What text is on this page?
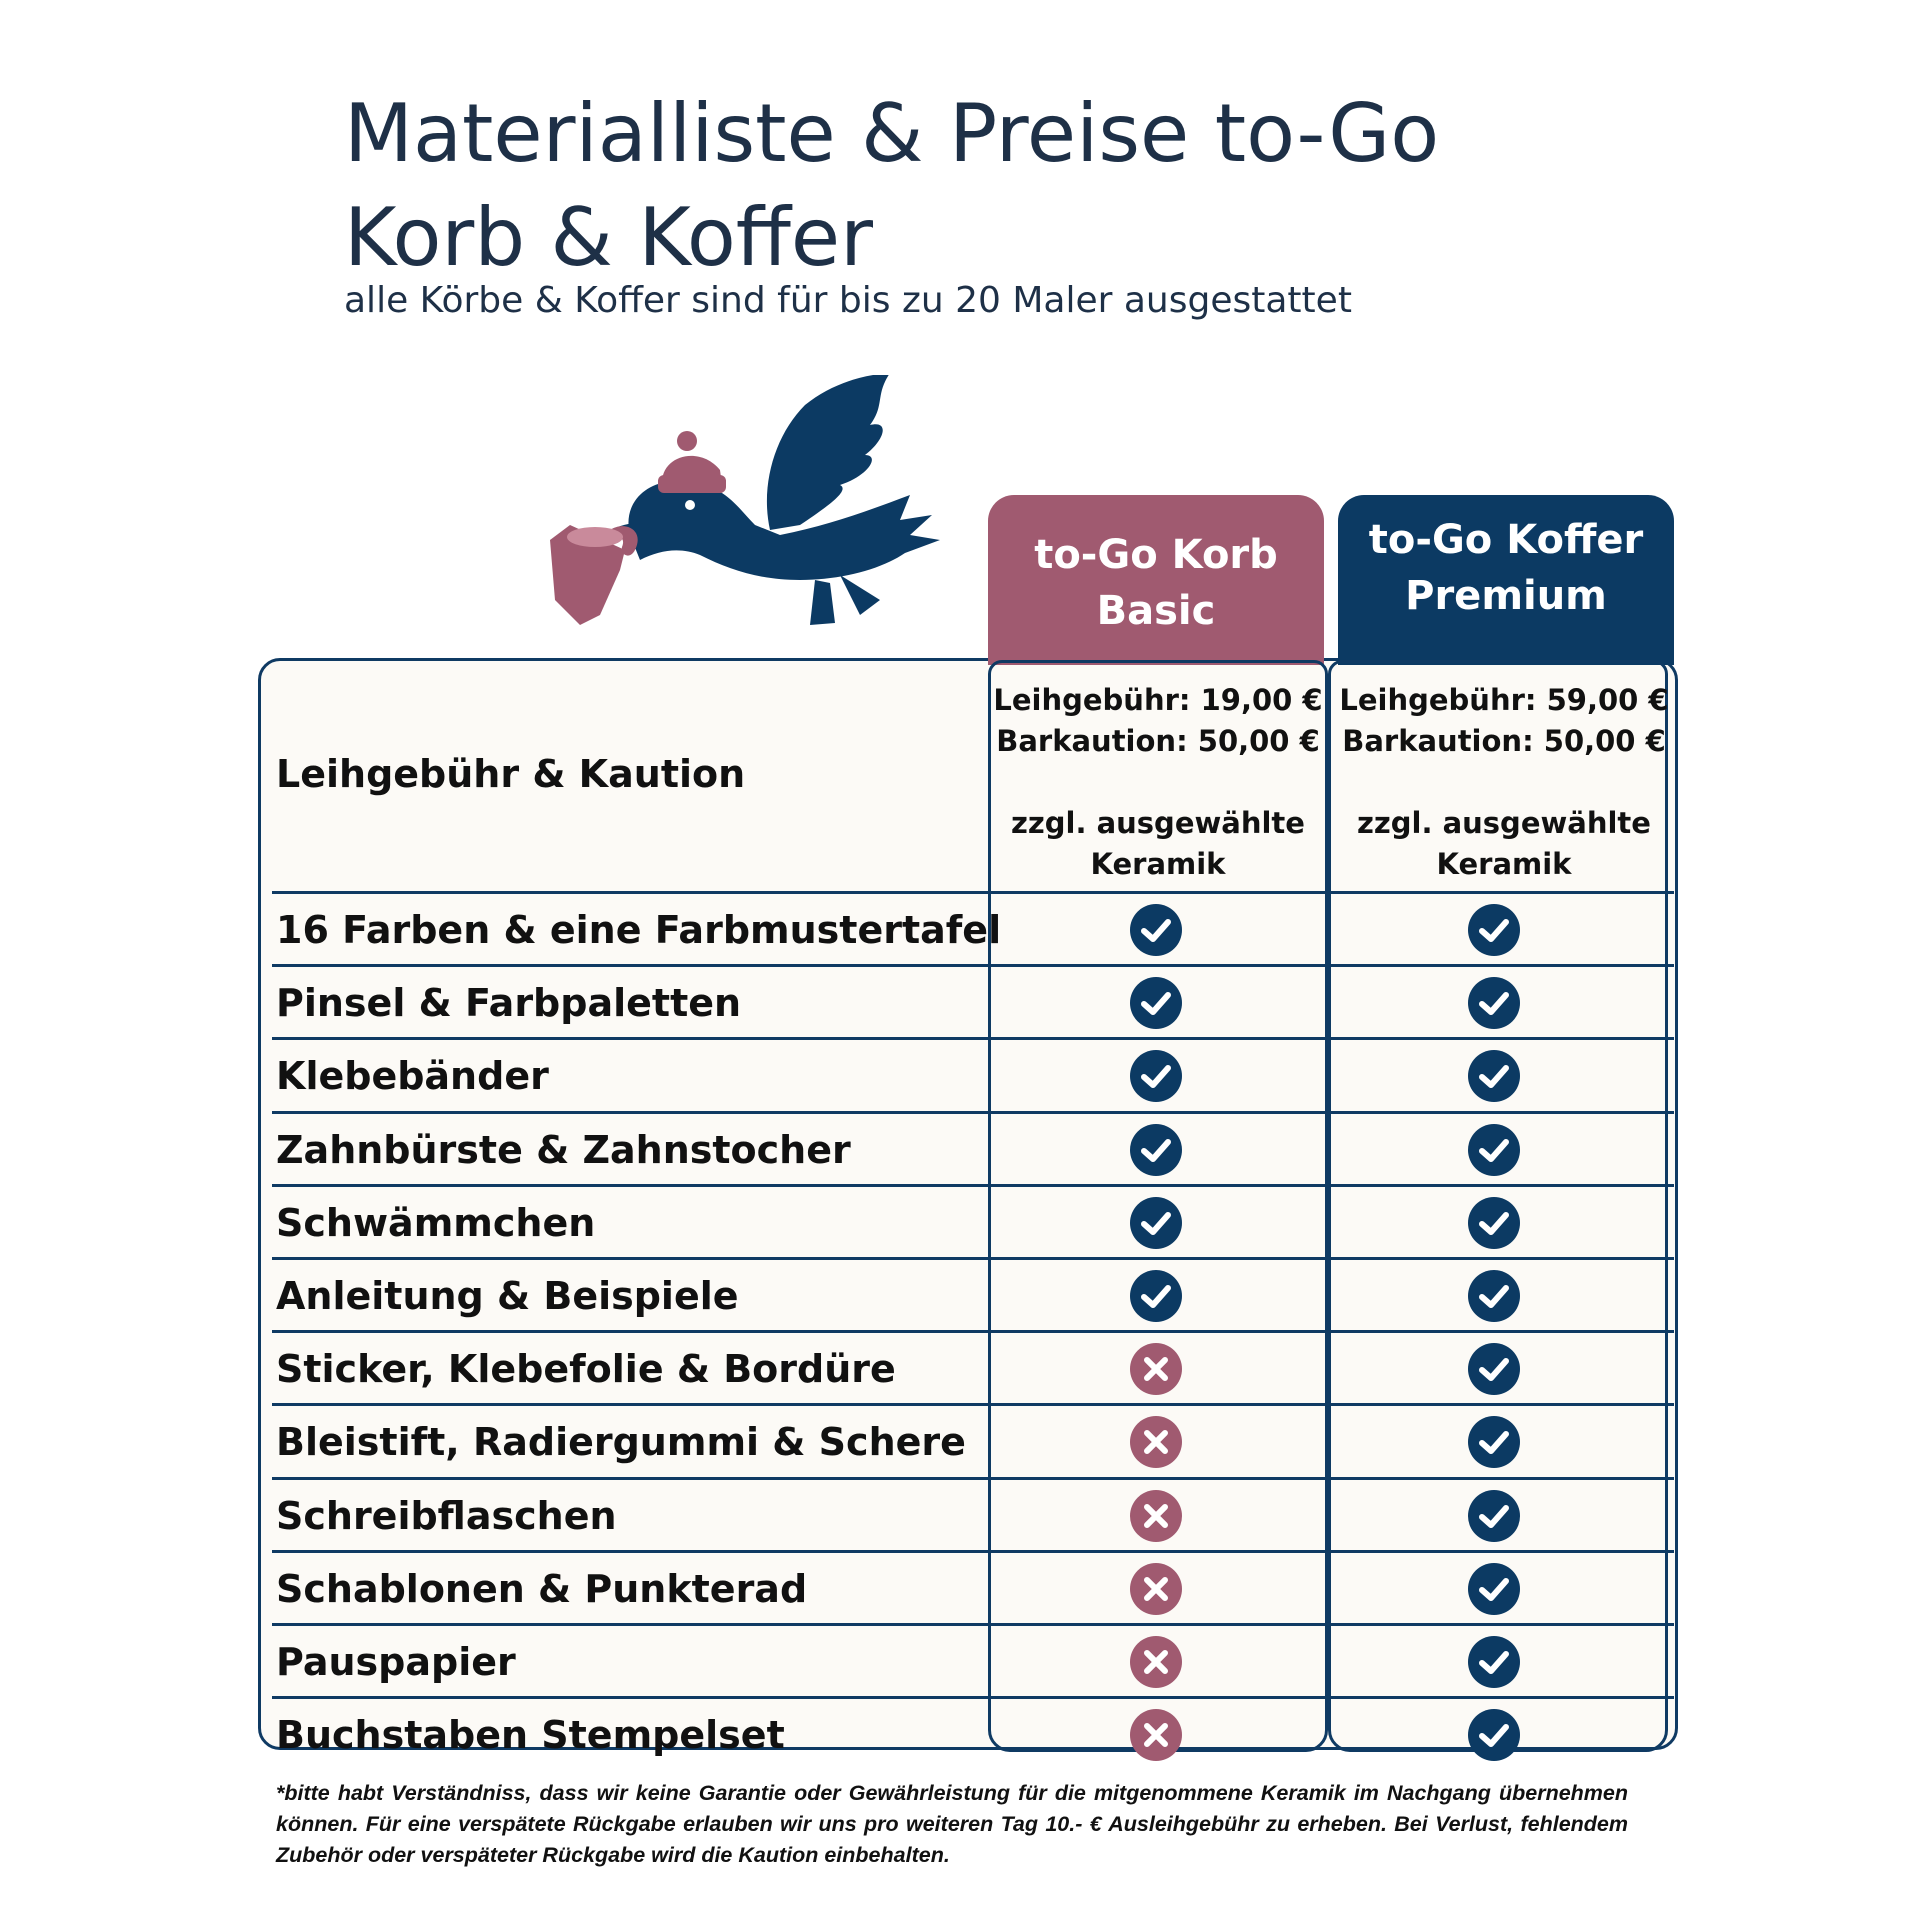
Materialliste & Preise to-Go
Korb & Koffer

alle Körbe & Koffer sind für bis zu 20 Maler ausgestattet

to-Go Korb
Basic
to-Go Koffer
Premium

Leihgebühr & Kaution

Leihgebühr: 19,00 €
Barkaution: 50,00 €
zzgl. ausgewählte
Keramik
Leihgebühr: 59,00 €
Barkaution: 50,00 €
zzgl. ausgewählte
Keramik

16 Farben & eine Farbmustertafel

Pinsel & Farbpaletten

Klebebänder

Zahnbürste & Zahnstocher

Schwämmchen

Anleitung & Beispiele

Sticker, Klebefolie & Bordüre

Bleistift, Radiergummi & Schere

Schreibflaschen

Schablonen & Punkterad

Pauspapier

Buchstaben Stempelset

*bitte habt Verständniss, dass wir keine Garantie oder Gewährleistung für die mitgenommene Keramik im Nachgang übernehmen können. Für eine verspätete Rückgabe erlauben wir uns pro weiteren Tag 10.- € Ausleihgebühr zu erheben. Bei Verlust, fehlendem Zubehör oder verspäteter Rückgabe wird die Kaution einbehalten.
